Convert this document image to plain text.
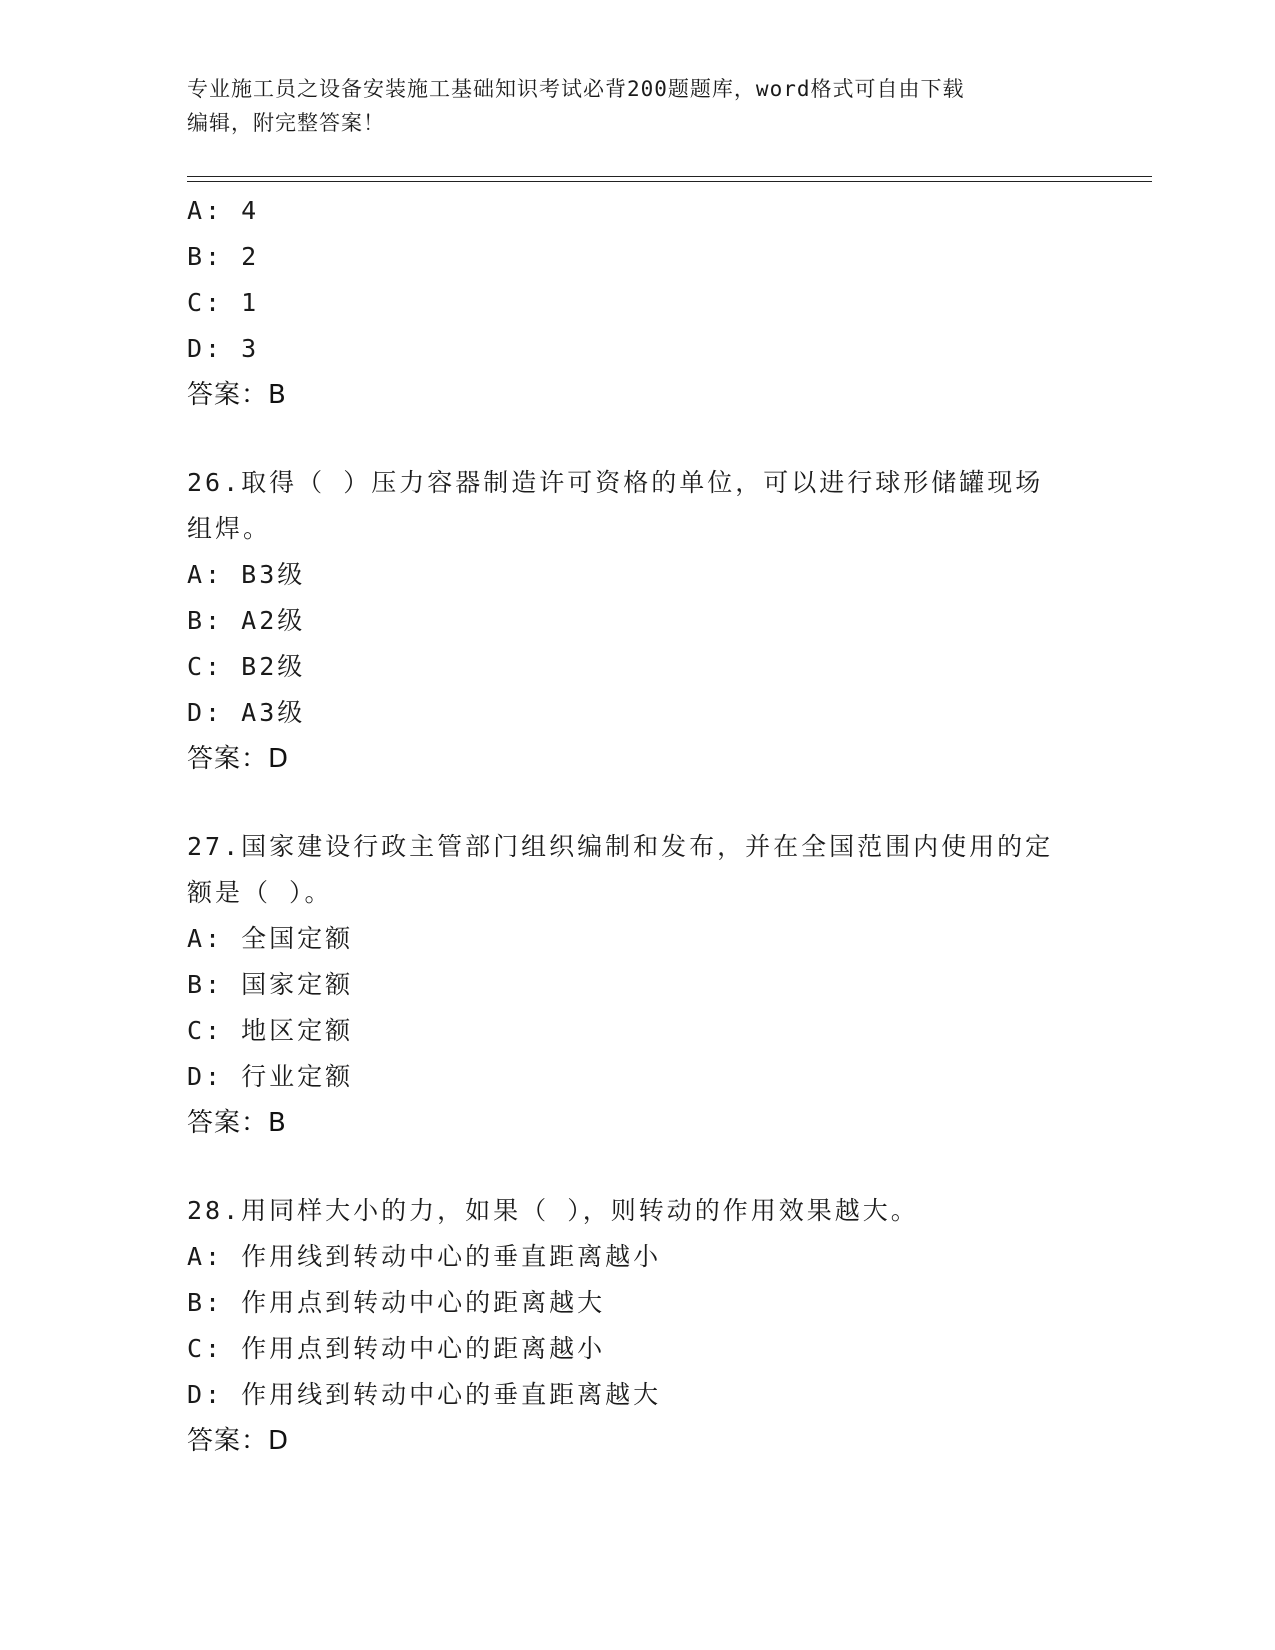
专业施工员之设备安装施工基础知识考试必背200题题库，word格式可自由下载
编辑，附完整答案！
A: 4
B: 2
C: 1
D: 3
答案：B
26.取得（ ）压力容器制造许可资格的单位，可以进行球形储罐现场
组焊。
A: B3级
B: A2级
C: B2级
D: A3级
答案：D
27.国家建设行政主管部门组织编制和发布，并在全国范围内使用的定
额是（ ）。
A: 全国定额
B: 国家定额
C: 地区定额
D: 行业定额
答案：B
28.用同样大小的力，如果（ ），则转动的作用效果越大。
A: 作用线到转动中心的垂直距离越小
B: 作用点到转动中心的距离越大
C: 作用点到转动中心的距离越小
D: 作用线到转动中心的垂直距离越大
答案：D
